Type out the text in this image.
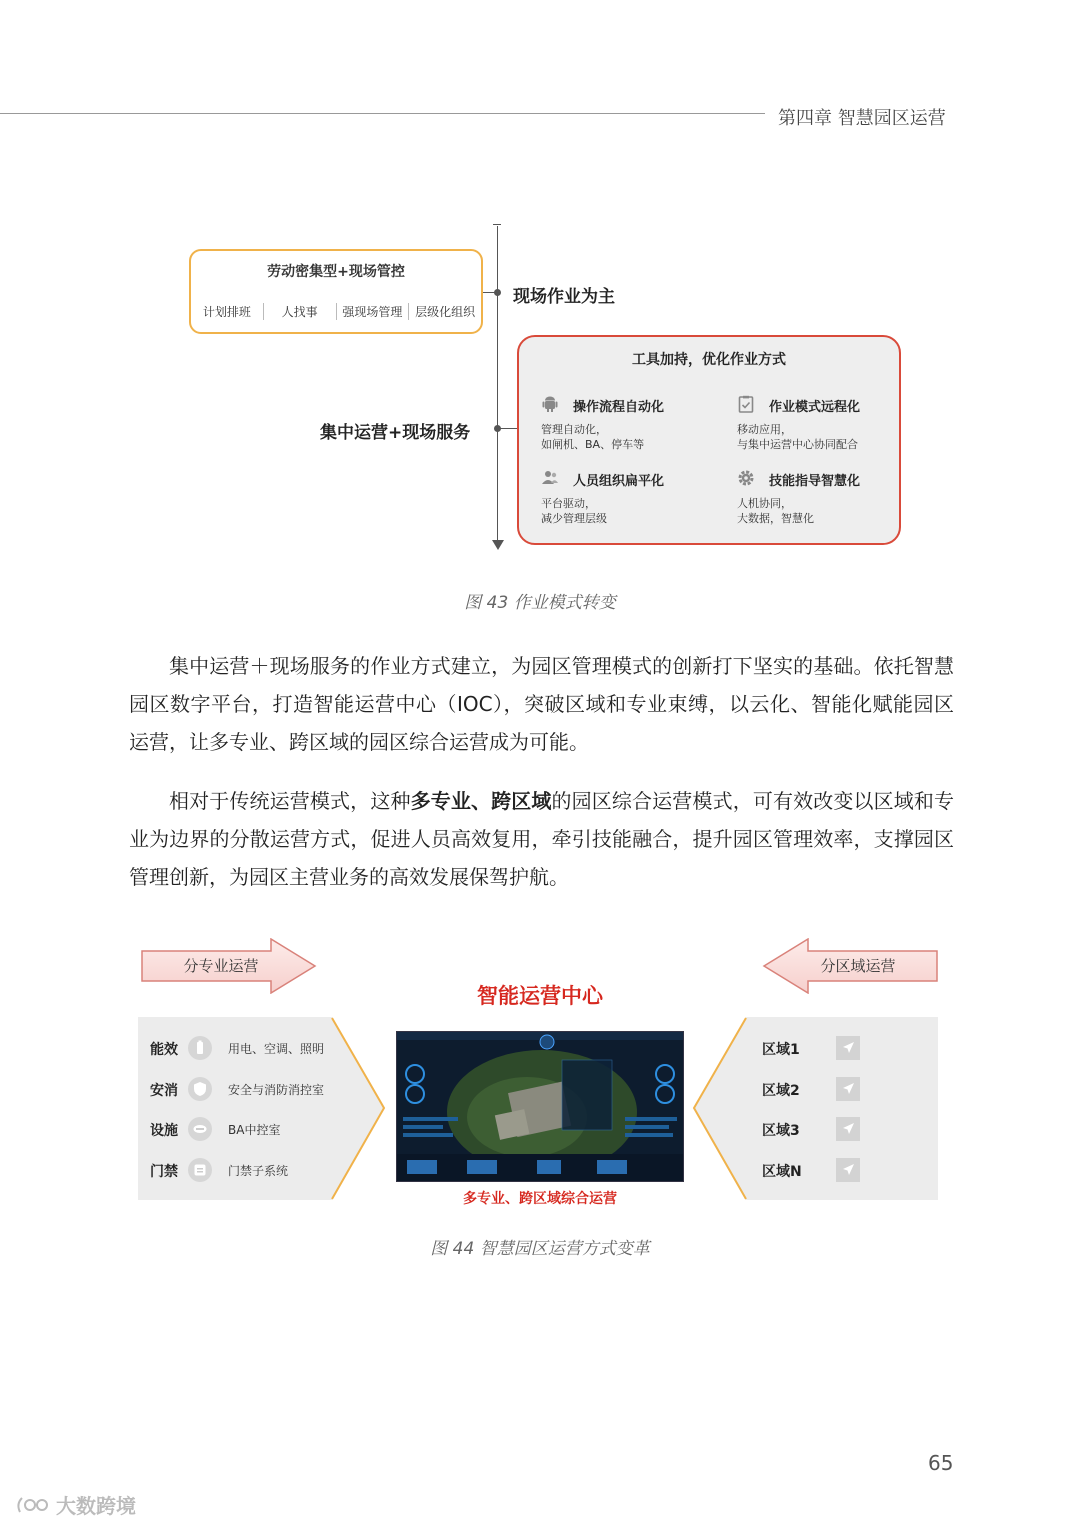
第四章 智慧园区运营
劳动密集型+现场管控
计划排班	人找事	强现场管理	层级化组织
现场作业为主
集中运营+现场服务
工具加持，优化作业方式
操作流程自动化
管理自动化，
如闸机、BA、停车等
作业模式远程化
移动应用，
与集中运营中心协同配合
人员组织扁平化
平台驱动，
减少管理层级
技能指导智慧化
人机协同，
大数据，智慧化
图 43 作业模式转变
集中运营＋现场服务的作业方式建立，为园区管理模式的创新打下坚实的基础。依托智慧园区数字平台，打造智能运营中心（IOC），突破区域和专业束缚，以云化、智能化赋能园区运营，让多专业、跨区域的园区综合运营成为可能。
相对于传统运营模式，这种多专业、跨区域的园区综合运营模式，可有效改变以区域和专业为边界的分散运营方式，促进人员高效复用，牵引技能融合，提升园区管理效率，支撑园区管理创新，为园区主营业务的高效发展保驾护航。
分专业运营	分区域运营
能效	用电、空调、照明
安消	安全与消防消控室
设施	BA中控室
门禁	门禁子系统
智能运营中心
多专业、跨区域综合运营
区域1
区域2
区域3
区域N
图 44 智慧园区运营方式变革
65
大数跨境
